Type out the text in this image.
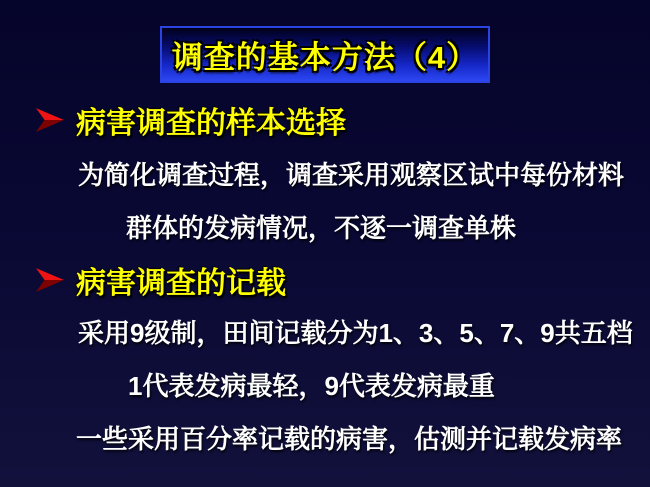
调查的基本方法（4）
病害调查的样本选择
为简化调查过程，调查采用观察区试中每份材料
群体的发病情况，不逐一调查单株
病害调查的记载
采用9级制，田间记载分为1、3、5、7、9共五档
1代表发病最轻，9代表发病最重
一些采用百分率记载的病害，估测并记载发病率
